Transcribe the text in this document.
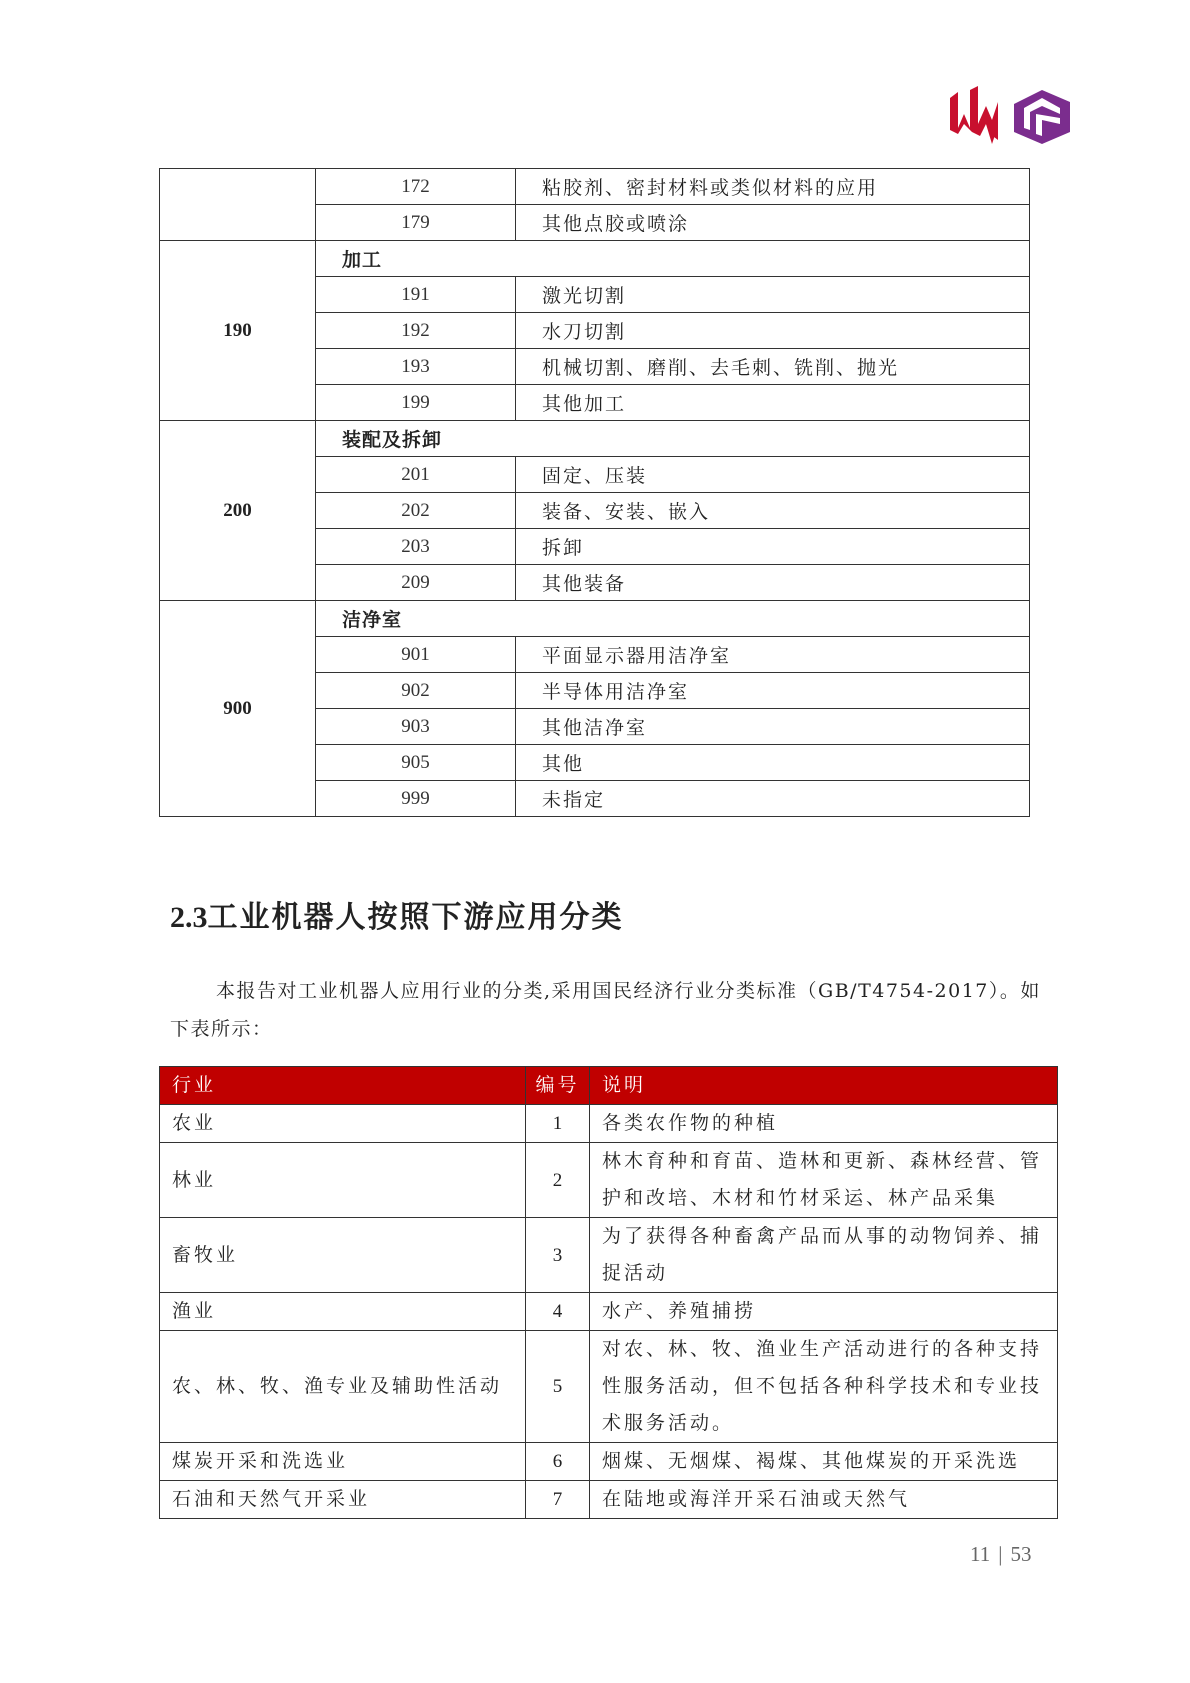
	172	粘胶剂、密封材料或类似材料的应用
	179	其他点胶或喷涂
190	加工	
	191	激光切割
	192	水刀切割
	193	机械切割、磨削、去毛刺、铣削、抛光
	199	其他加工
200	装配及拆卸	
	201	固定、压装
	202	装备、安装、嵌入
	203	拆卸
	209	其他装备
900	洁净室	
	901	平面显示器用洁净室
	902	半导体用洁净室
	903	其他洁净室
	905	其他
	999	未指定
2.3工业机器人按照下游应用分类

本报告对工业机器人应用行业的分类,采用国民经济行业分类标准（GB/T4754-2017）。如下表所示：

行业	编号	说明
农业	1	各类农作物的种植
林业	2	林木育种和育苗、造林和更新、森林经营、管护和改培、木材和竹材采运、林产品采集
畜牧业	3	为了获得各种畜禽产品而从事的动物饲养、捕捉活动
渔业	4	水产、养殖捕捞
农、林、牧、渔专业及辅助性活动	5	对农、林、牧、渔业生产活动进行的各种支持性服务活动，但不包括各种科学技术和专业技术服务活动。
煤炭开采和洗选业	6	烟煤、无烟煤、褐煤、其他煤炭的开采洗选
石油和天然气开采业	7	在陆地或海洋开采石油或天然气
11 | 53
